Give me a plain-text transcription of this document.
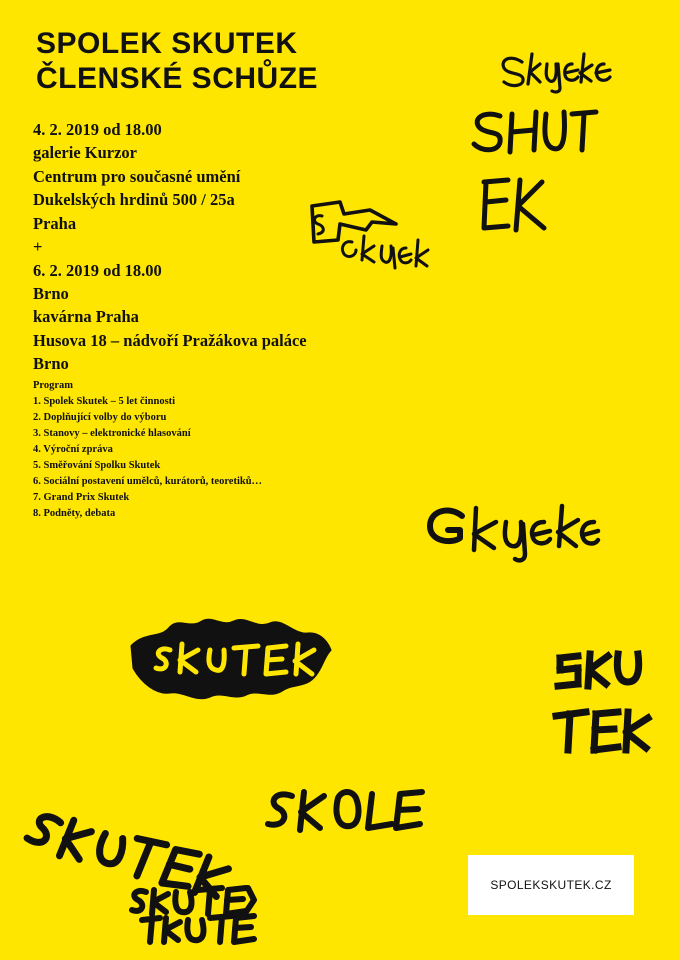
SPOLEK SKUTEK
ČLENSKÉ SCHŮZE
4. 2. 2019 od 18.00
galerie Kurzor
Centrum pro současné umění
Dukelských hrdinů 500 / 25a
Praha
+
6. 2. 2019 od 18.00
Brno
kavárna Praha
Husova 18 – nádvoří Pražákova paláce
Brno
Program
1. Spolek Skutek – 5 let činnosti
2. Doplňující volby do výboru
3. Stanovy – elektronické hlasování
4. Výroční zpráva
5. Směřování Spolku Skutek
6. Sociální postavení umělců, kurátorů, teoretiků…
7. Grand Prix Skutek
8. Podněty, debata
SPOLEKSKUTEK.CZ
